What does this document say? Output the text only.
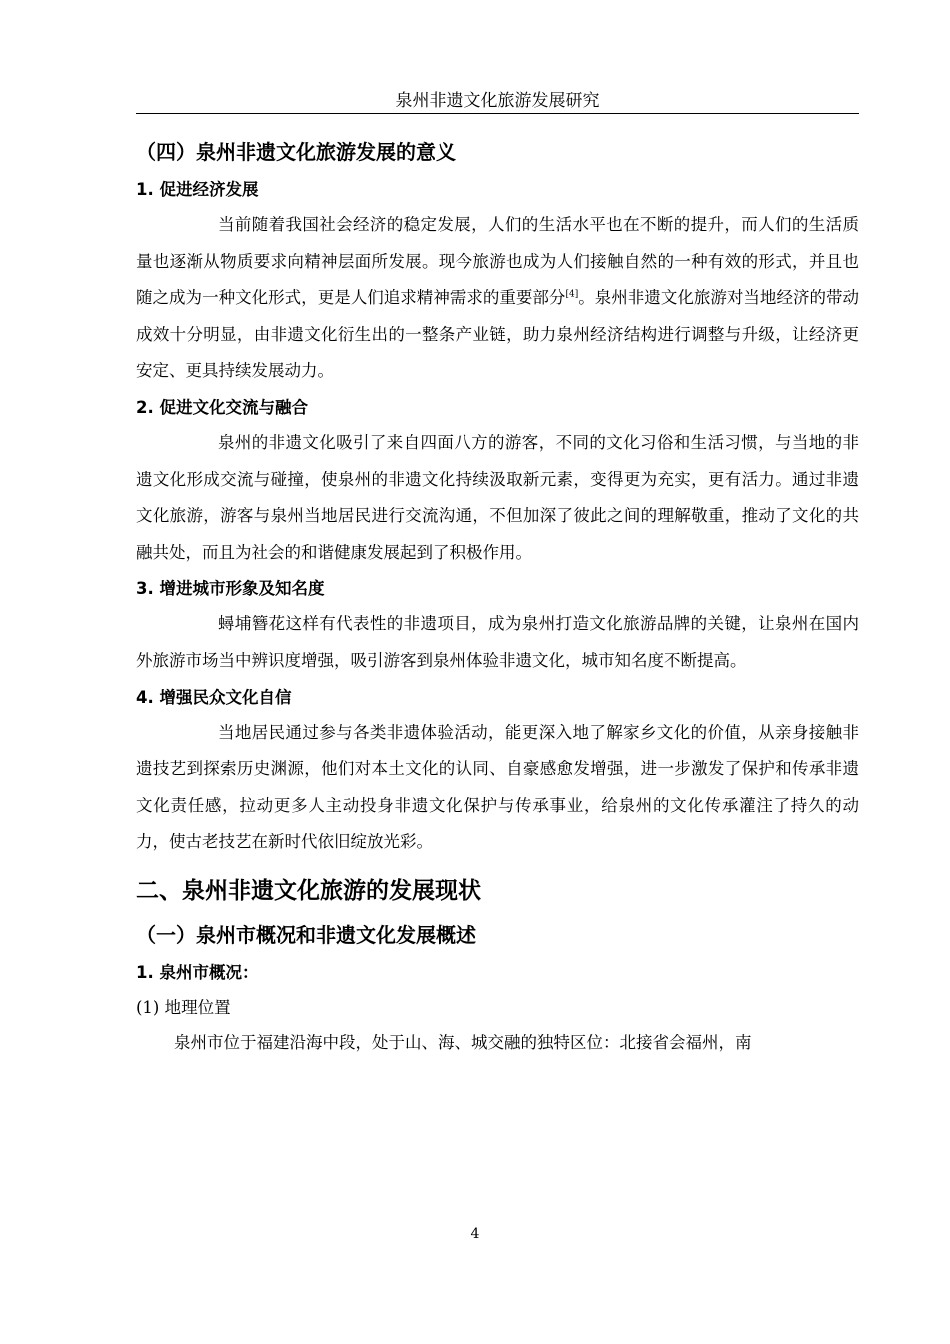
泉州非遗文化旅游发展研究
（四）泉州非遗文化旅游发展的意义
1. 促进经济发展

当前随着我国社会经济的稳定发展，人们的生活水平也在不断的提升，而人们的生活质量也逐渐从物质要求向精神层面所发展。现今旅游也成为人们接触自然的一种有效的形式，并且也随之成为一种文化形式，更是人们追求精神需求的重要部分[4]。泉州非遗文化旅游对当地经济的带动成效十分明显，由非遗文化衍生出的一整条产业链，助力泉州经济结构进行调整与升级，让经济更安定、更具持续发展动力。

2. 促进文化交流与融合

泉州的非遗文化吸引了来自四面八方的游客，不同的文化习俗和生活习惯，与当地的非遗文化形成交流与碰撞，使泉州的非遗文化持续汲取新元素，变得更为充实，更有活力。通过非遗文化旅游，游客与泉州当地居民进行交流沟通，不但加深了彼此之间的理解敬重，推动了文化的共融共处，而且为社会的和谐健康发展起到了积极作用。

3. 增进城市形象及知名度

蟳埔簪花这样有代表性的非遗项目，成为泉州打造文化旅游品牌的关键，让泉州在国内外旅游市场当中辨识度增强，吸引游客到泉州体验非遗文化，城市知名度不断提高。

4. 增强民众文化自信

当地居民通过参与各类非遗体验活动，能更深入地了解家乡文化的价值，从亲身接触非遗技艺到探索历史渊源，他们对本土文化的认同、自豪感愈发增强，进一步激发了保护和传承非遗文化责任感，拉动更多人主动投身非遗文化保护与传承事业，给泉州的文化传承灌注了持久的动力，使古老技艺在新时代依旧绽放光彩。

二、泉州非遗文化旅游的发展现状
（一）泉州市概况和非遗文化发展概述
1. 泉州市概况：
(1) 地理位置

泉州市位于福建沿海中段，处于山、海、城交融的独特区位：北接省会福州，南

4
